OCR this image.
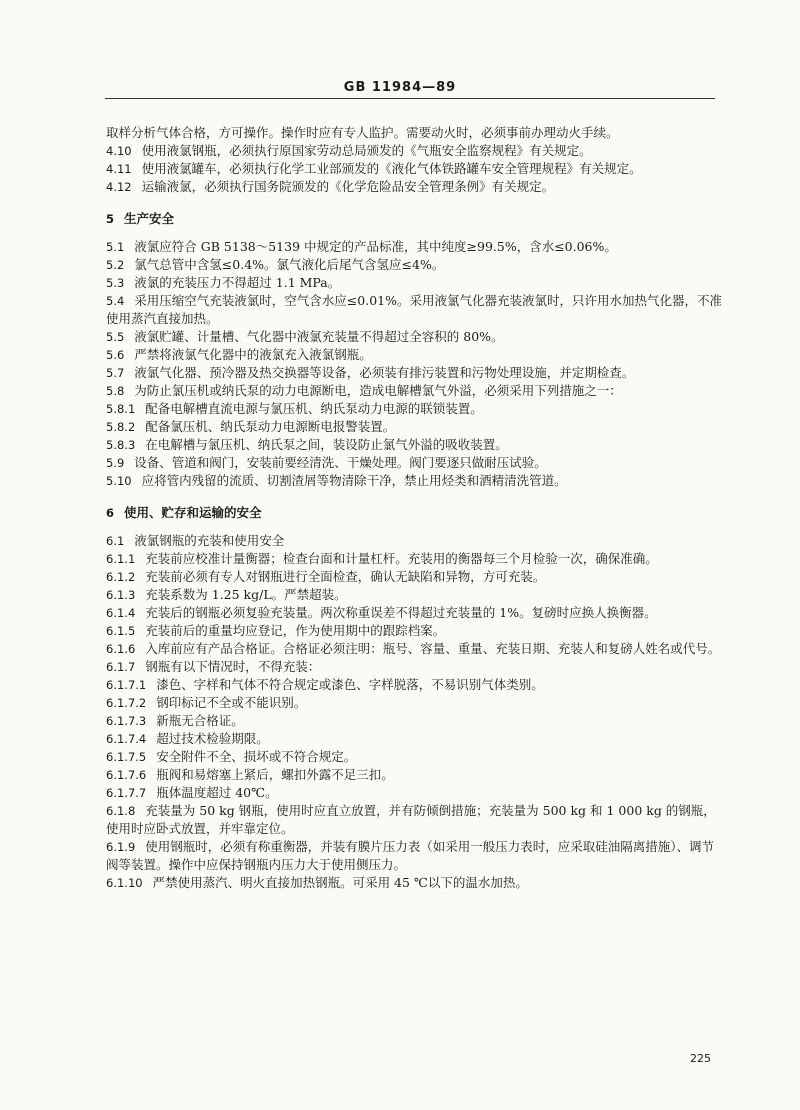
GB 11984—89
取样分析气体合格，方可操作。操作时应有专人监护。需要动火时，必须事前办理动火手续。
4.10 使用液氯钢瓶，必须执行原国家劳动总局颁发的《气瓶安全监察规程》有关规定。
4.11 使用液氯罐车，必须执行化学工业部颁发的《液化气体铁路罐车安全管理规程》有关规定。
4.12 运输液氯，必须执行国务院颁发的《化学危险品安全管理条例》有关规定。
5 生产安全
5.1 液氯应符合 GB 5138～5139 中规定的产品标准，其中纯度≥99.5%，含水≤0.06%。
5.2 氯气总管中含氢≤0.4%。氯气液化后尾气含氢应≤4%。
5.3 液氯的充装压力不得超过 1.1 MPa。
5.4 采用压缩空气充装液氯时，空气含水应≤0.01%。采用液氯气化器充装液氯时，只许用水加热气化器，不准使用蒸汽直接加热。
5.5 液氯贮罐、计量槽、气化器中液氯充装量不得超过全容积的 80%。
5.6 严禁将液氯气化器中的液氯充入液氯钢瓶。
5.7 液氯气化器、预冷器及热交换器等设备，必须装有排污装置和污物处理设施，并定期检查。
5.8 为防止氯压机或纳氏泵的动力电源断电，造成电解槽氯气外溢，必须采用下列措施之一：
5.8.1 配备电解槽直流电源与氯压机、纳氏泵动力电源的联锁装置。
5.8.2 配备氯压机、纳氏泵动力电源断电报警装置。
5.8.3 在电解槽与氯压机、纳氏泵之间，装设防止氯气外溢的吸收装置。
5.9 设备、管道和阀门，安装前要经清洗、干燥处理。阀门要逐只做耐压试验。
5.10 应将管内残留的流质、切割渣屑等物清除干净，禁止用烃类和酒精清洗管道。
6 使用、贮存和运输的安全
6.1 液氯钢瓶的充装和使用安全
6.1.1 充装前应校准计量衡器；检查台面和计量杠杆。充装用的衡器每三个月检验一次，确保准确。
6.1.2 充装前必须有专人对钢瓶进行全面检查，确认无缺陷和异物，方可充装。
6.1.3 充装系数为 1.25 kg/L。严禁超装。
6.1.4 充装后的钢瓶必须复验充装量。两次称重误差不得超过充装量的 1%。复磅时应换人换衡器。
6.1.5 充装前后的重量均应登记，作为使用期中的跟踪档案。
6.1.6 入库前应有产品合格证。合格证必须注明：瓶号、容量、重量、充装日期、充装人和复磅人姓名或代号。
6.1.7 钢瓶有以下情况时，不得充装：
6.1.7.1 漆色、字样和气体不符合规定或漆色、字样脱落，不易识别气体类别。
6.1.7.2 钢印标记不全或不能识别。
6.1.7.3 新瓶无合格证。
6.1.7.4 超过技术检验期限。
6.1.7.5 安全附件不全、损坏或不符合规定。
6.1.7.6 瓶阀和易熔塞上紧后，螺扣外露不足三扣。
6.1.7.7 瓶体温度超过 40℃。
6.1.8 充装量为 50 kg 钢瓶，使用时应直立放置，并有防倾倒措施；充装量为 500 kg 和 1 000 kg 的钢瓶，使用时应卧式放置，并牢靠定位。
6.1.9 使用钢瓶时，必须有称重衡器，并装有膜片压力表（如采用一般压力表时，应采取硅油隔离措施）、调节阀等装置。操作中应保持钢瓶内压力大于使用侧压力。
6.1.10 严禁使用蒸汽、明火直接加热钢瓶。可采用 45 ℃以下的温水加热。
225
